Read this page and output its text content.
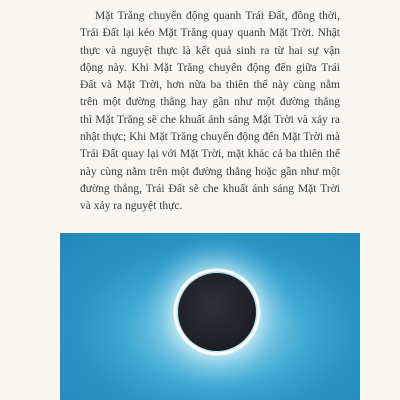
Mặt Trăng chuyển động quanh Trái Đất, đồng thời,
Trái Đất lại kéo Mặt Trăng quay quanh Mặt Trời. Nhật
thực và nguyệt thực là kết quả sinh ra từ hai sự vận
động này. Khi Mặt Trăng chuyển động đến giữa Trái
Đất và Mặt Trời, hơn nữa ba thiên thể này cùng nằm
trên một đường thẳng hay gần như một đường thẳng
thì Mặt Trăng sẽ che khuất ánh sáng Mặt Trời và xảy ra
nhật thực; Khi Mặt Trăng chuyển động đến Mặt Trời mà
Trái Đất quay lại với Mặt Trời, mặt khác cả ba thiên thể
này cùng nằm trên một đường thẳng hoặc gần như một
đường thẳng, Trái Đất sẽ che khuất ánh sáng Mặt Trời
và xảy ra nguyệt thực.
